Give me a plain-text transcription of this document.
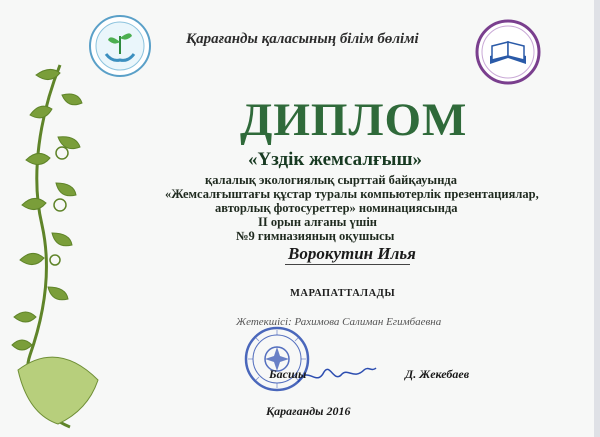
Қарағанды қаласының білім бөлімі
ДИПЛОМ
«Үздік жемсалғыш»
қалалық экологиялық сырттай байқауында
«Жемсалғыштағы құстар туралы компьютерлік презентациялар,
авторлық фотосуреттер» номинациясында
II орын алғаны үшін
№9 гимназияның оқушысы
Ворокутин Илья
МАРАПАТТАЛАДЫ
Жетекшісі: Рахимова Салиман Егимбаевна
Басшы	Д. Жекебаев
Қарағанды 2016
